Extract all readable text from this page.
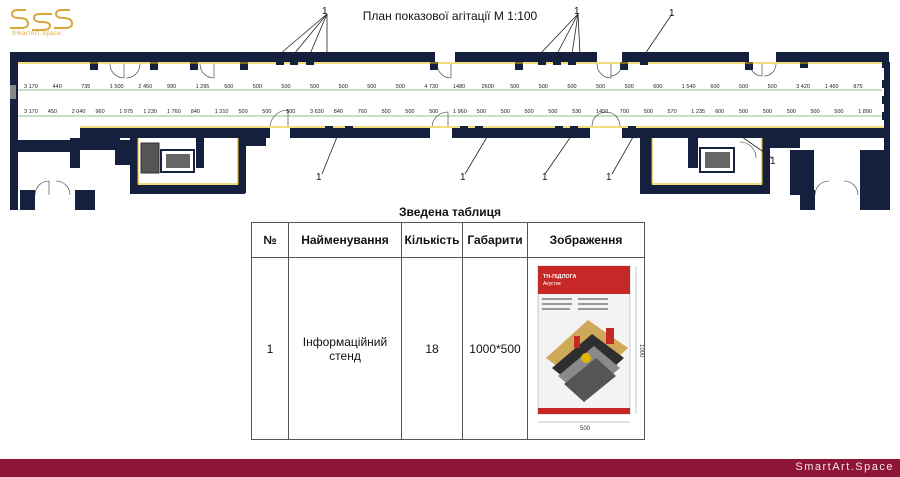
SmartArt.Space
План показової агітації М 1:100
3 170	440	735	1 500	2 450	990	1 295	500	500	500	500	500	500	500	4 730	1480	2600	500	500	500	500	500	600	1 540	600	500	500	3 420	1 460	875
3 170 450	2 040 960	1 975 1 230 1 760 840	1 310 500	500	500	3 630 840	760	500	500	500	1 960 500	500	500	500	530	1450 700	500	570	1 235 600	500	500	500	500	500	1 890
1	1	1
1	1	1	1
1
Зведена таблиця
№	Найменування	Кількість	Габарити	Зображення
1	Інформаційний стенд	18	1000*500	ТН-ПІДЛОГА
Акустик
500
1000
SmartArt.Space
